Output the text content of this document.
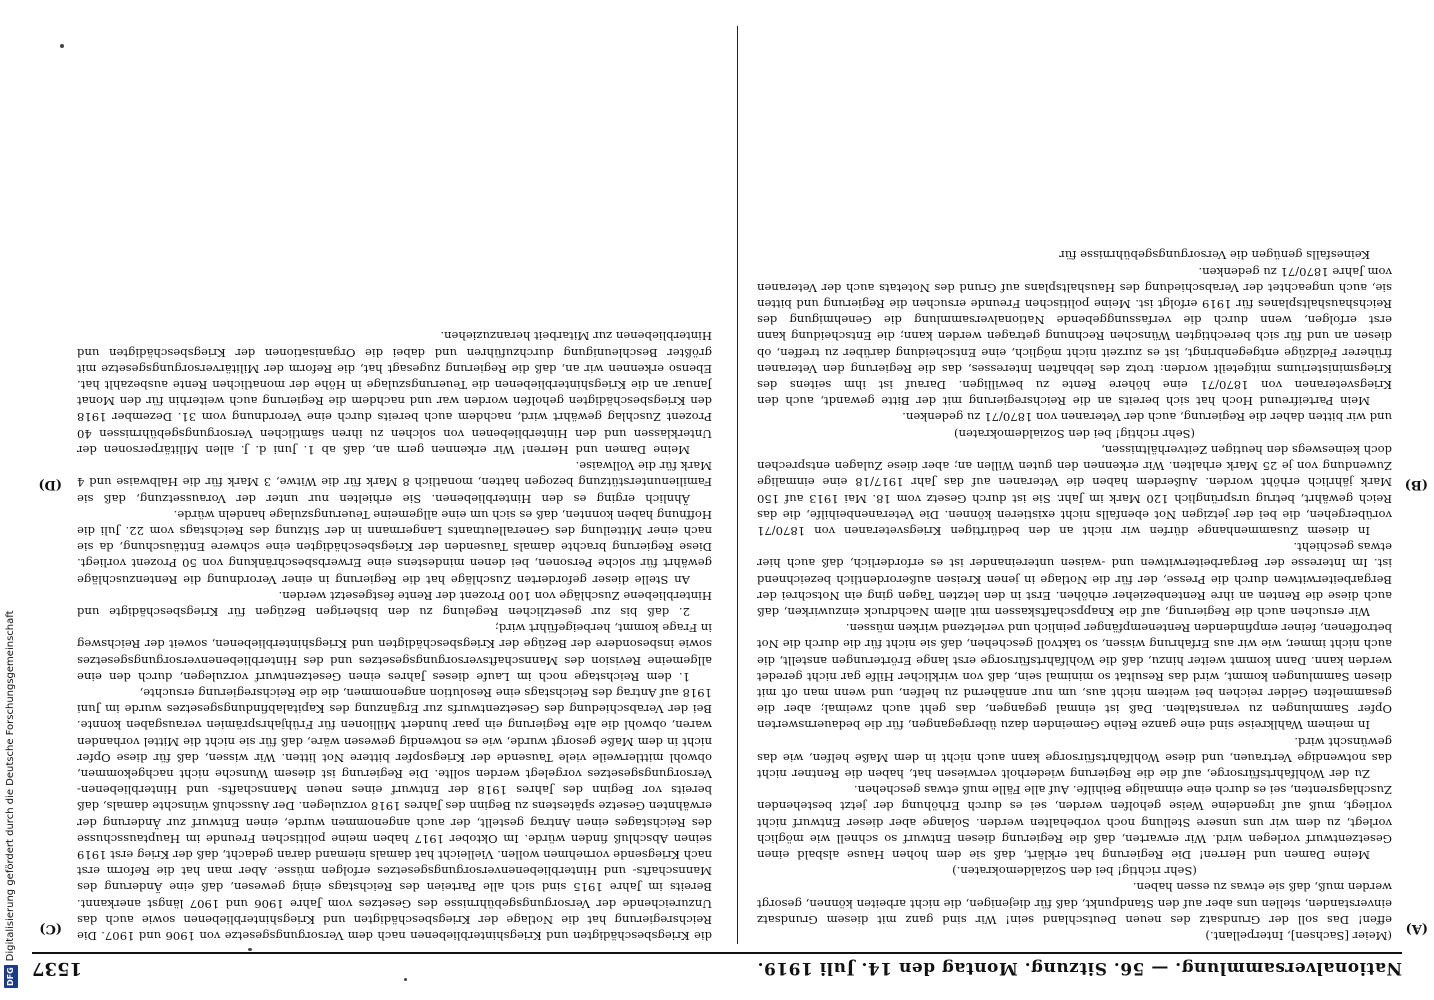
Nationalversammlung. — 56. Sitzung. Montag den 14. Juli 1919.
1537

(Meier [Sachsen], Interpellant.)

effen! Das soll der Grundsatz des neuen Deutschland sein! Wir sind ganz mit diesem Grundsatz einverstanden, stellen uns aber auf den Standpunkt, daß für diejenigen, die nicht arbeiten können, gesorgt werden muß, daß sie etwas zu essen haben.

(Sehr richtig! bei den Sozialdemokraten.)

Meine Damen und Herren! Die Regierung hat erklärt, daß sie dem hohen Hause alsbald einen Gesetzentwurf vorlegen wird. Wir erwarten, daß die Regierung diesen Entwurf so schnell wie möglich vorlegt, zu dem wir uns unsere Stellung noch vorbehalten werden. Solange aber dieser Entwurf nicht vorliegt, muß auf irgendeine Weise geholfen werden, sei es durch Erhöhung der jetzt bestehenden Zuschlagsrenten, sei es durch eine einmalige Beihilfe. Auf alle Fälle muß etwas geschehen.

Zu der Wohlfahrtsfürsorge, auf die die Regierung wiederholt verwiesen hat, haben die Rentner nicht das notwendige Vertrauen, und diese Wohlfahrtsfürsorge kann auch nicht in dem Maße helfen, wie das gewünscht wird.

In meinem Wahlkreise sind eine ganze Reihe Gemeinden dazu übergegangen, für die bedauernswerten Opfer Sammlungen zu veranstalten. Daß ist einmal gegangen, das geht auch zweimal; aber die gesammelten Gelder reichen bei weitem nicht aus, um nur annähernd zu helfen, und wenn man oft mit diesen Sammlungen kommt, wird das Resultat so minimal sein, daß von wirklicher Hilfe gar nicht geredet werden kann. Dann kommt weiter hinzu, daß die Wohlfahrtsfürsorge erst lange Erörterungen anstellt, die auch nicht immer, wie wir aus Erfahrung wissen, so taktvoll geschehen, daß sie nicht für die durch die Not betroffenen, feiner empfindenden Rentenempfänger peinlich und verletzend wirken müssen.

Wir ersuchen auch die Regierung, auf die Knappschaftskassen mit allem Nachdruck einzuwirken, daß auch diese die Renten an ihre Rentenbezieher erhöhen. Erst in den letzten Tagen ging ein Notschrei der Bergarbeiterwitwen durch die Presse, der für die Notlage in jenen Kreisen außerordentlich bezeichnend ist. Im Interesse der Bergarbeiterwitwen und -waisen untereinander ist es erforderlich, daß auch hier etwas geschieht.

In diesem Zusammenhange dürfen wir nicht an den bedürftigen Kriegsveteranen von 1870/71 vorübergehen, die bei der jetzigen Not ebenfalls nicht existieren können. Die Veteranenbeihilfe, die das Reich gewährt, betrug ursprünglich 120 Mark im Jahr. Sie ist durch Gesetz vom 18. Mai 1913 auf 150 Mark jährlich erhöht worden. Außerdem haben die Veteranen auf das Jahr 1917/18 eine einmalige Zuwendung von je 25 Mark erhalten. Wir erkennen den guten Willen an; aber diese Zulagen entsprechen doch keineswegs den heutigen Zeitverhältnissen,

(Sehr richtig! bei den Sozialdemokraten)

und wir bitten daher die Regierung, auch der Veteranen von 1870/71 zu gedenken.

Mein Parteifreund Hoch hat sich bereits an die Reichsregierung mit der Bitte gewandt, auch den Kriegsveteranen von 1870/71 eine höhere Rente zu bewilligen. Darauf ist ihm seitens des Kriegsministeriums mitgeteilt worden: trotz des lebhaften Interesses, das die Regierung den Veteranen früherer Feldzüge entgegenbringt, ist es zurzeit nicht möglich, eine Entscheidung darüber zu treffen, ob diesen an und für sich berechtigten Wünschen Rechnung getragen werden kann; die Entscheidung kann erst erfolgen, wenn durch die verfassunggebende Nationalversammlung die Genehmigung des Reichshaushaltsplanes für 1919 erfolgt ist. Meine politischen Freunde ersuchen die Regierung und bitten sie, auch ungeachtet der Verabschiedung des Haushaltsplans auf Grund des Notetats auch der Veteranen vom Jahre 1870/71 zu gedenken.

Keinesfalls genügen die Versorgungsgebührnisse für

die Kriegsbeschädigten und Kriegshinterbliebenen nach dem Versorgungsgesetze von 1906 und 1907. Die Reichsregierung hat die Notlage der Kriegsbeschädigten und Kriegshinterbliebenen sowie auch das Unzureichende der Versorgungsgebührnisse des Gesetzes vom Jahre 1906 und 1907 längst anerkannt. Bereits im Jahre 1915 sind sich alle Parteien des Reichstags einig gewesen, daß eine Änderung des Mannschafts- und Hinterbliebenenversorgungsgesetzes erfolgen müsse. Aber man hat die Reform erst nach Kriegsende vornehmen wollen. Vielleicht hat damals niemand daran gedacht, daß der Krieg erst 1919 seinen Abschluß finden würde. Im Oktober 1917 haben meine politischen Freunde im Hauptausschusse des Reichstages einen Antrag gestellt, der auch angenommen wurde, einen Entwurf zur Änderung der erwähnten Gesetze spätestens zu Beginn des Jahres 1918 vorzulegen. Der Ausschuß wünschte damals, daß bereits vor Beginn des Jahres 1918 der Entwurf eines neuen Mannschafts- und Hinterbliebenen-Versorgungsgesetzes vorgelegt werden sollte. Die Regierung ist diesem Wunsche nicht nachgekommen, obwohl mittlerweile viele Tausende der Kriegsopfer bittere Not litten. Wir wissen, daß für diese Opfer nicht in dem Maße gesorgt wurde, wie es notwendig gewesen wäre, daß für sie nicht die Mittel vorhanden waren, obwohl die alte Regierung ein paar hundert Millionen für Frühjahrsprämien verausgaben konnte. Bei der Verabschiedung des Gesetzentwurfs zur Ergänzung des Kapitalabfindungsgesetzes wurde im Juni 1918 auf Antrag des Reichstags eine Resolution angenommen, die die Reichsregierung ersuchte,

1. dem Reichstage noch im Laufe dieses Jahres einen Gesetzentwurf vorzulegen, durch den eine allgemeine Revision des Mannschaftsversorgungsgesetzes und des Hinterbliebenenversorgungsgesetzes sowie insbesondere der Bezüge der Kriegsbeschädigten und Kriegshinterbliebenen, soweit der Reichsweg in Frage kommt, herbeigeführt wird;

2. daß bis zur gesetzlichen Regelung zu den bisherigen Bezügen für Kriegsbeschädigte und Hinterbliebene Zuschläge von 100 Prozent der Rente festgesetzt werden.

An Stelle dieser geforderten Zuschläge hat die Regierung in einer Verordnung die Rentenzuschläge gewährt für solche Personen, bei denen mindestens eine Erwerbsbeschränkung von 50 Prozent vorliegt. Diese Regierung brachte damals Tausenden der Kriegsbeschädigten eine schwere Enttäuschung, da sie nach einer Mitteilung des Generalleutnants Langermann in der Sitzung des Reichstags vom 22. Juli die Hoffnung haben konnten, daß es sich um eine allgemeine Teuerungszulage handeln würde.

Ähnlich erging es den Hinterbliebenen. Sie erhielten nur unter der Voraussetzung, daß sie Familienunterstützung bezogen hatten, monatlich 8 Mark für die Witwe, 3 Mark für die Halbwaise und 4 Mark für die Vollwaise.

Meine Damen und Herren! Wir erkennen gern an, daß ab 1. Juni d. J. allen Militärpersonen der Unterklassen und den Hinterbliebenen von solchen zu ihren sämtlichen Versorgungsgebührnissen 40 Prozent Zuschlag gewährt wird, nachdem auch bereits durch eine Verordnung vom 31. Dezember 1918 den Kriegsbeschädigten geholfen worden war und nachdem die Regierung auch weiterhin für den Monat Januar an die Kriegshinterbliebenen die Teuerungszulage in Höhe der monatlichen Rente ausbezahlt hat. Ebenso erkennen wir an, daß die Regierung zugesagt hat, die Reform der Militärversorgungsgesetze mit größter Beschleunigung durchzuführen und dabei die Organisationen der Kriegsbeschädigten und Hinterbliebenen zur Mitarbeit heranzuziehen.

(A)
(B)
(C)
(D)
DFGDigitalisierung gefördert durch die Deutsche Forschungsgemeinschaft
